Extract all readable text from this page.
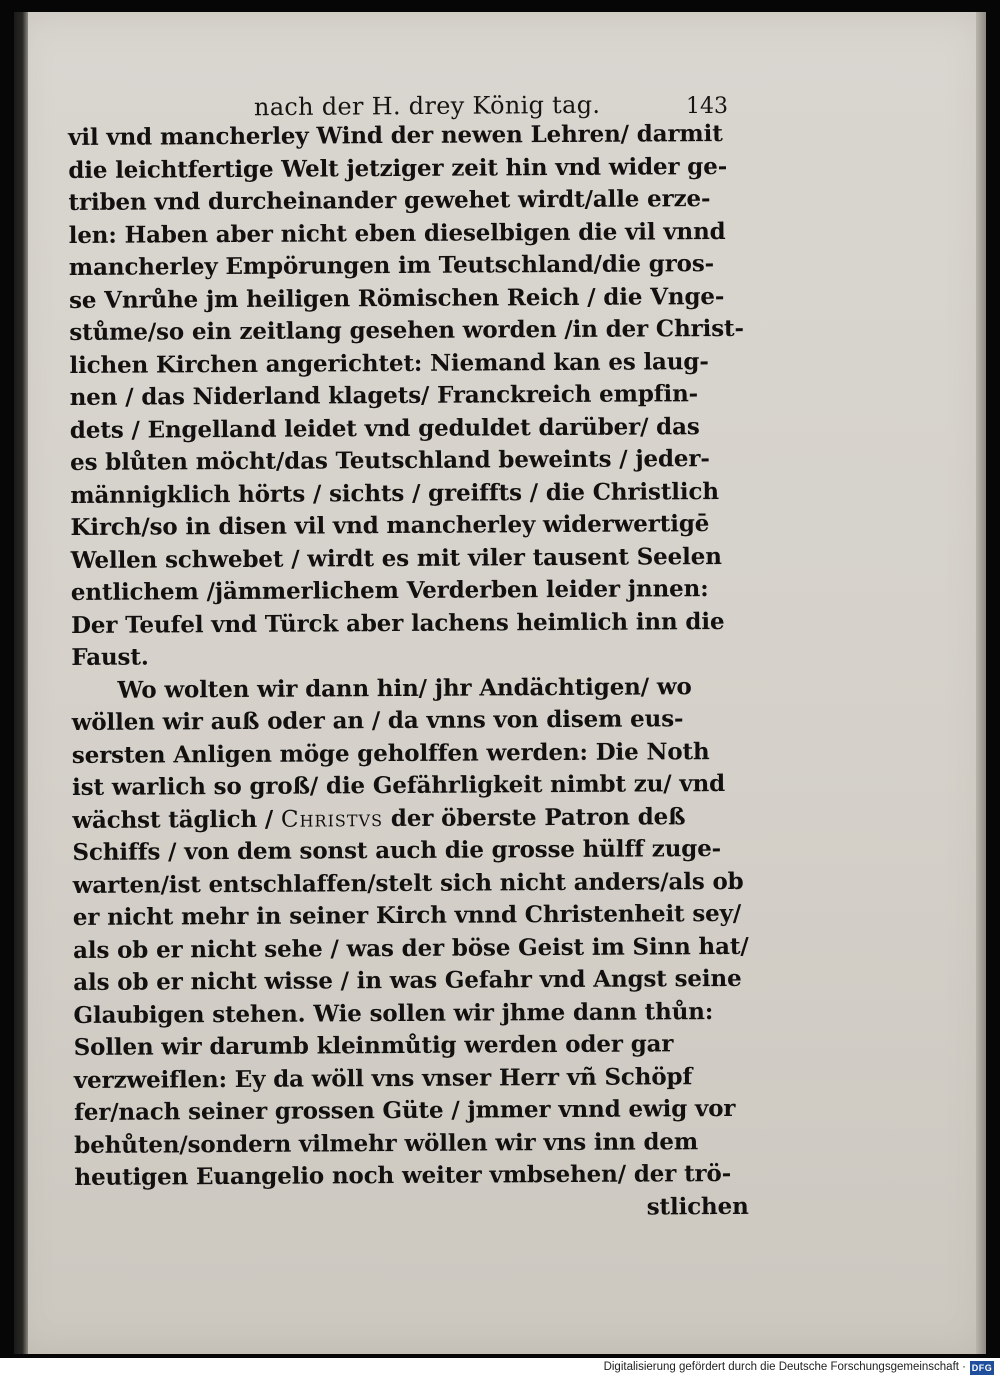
nach der H. drey König tag.	143
vil vnd mancherley Wind der newen Lehren/ darmit
die leichtfertige Welt jetziger zeit hin vnd wider ge-
triben vnd durcheinander gewehet wirdt/alle erze-
len: Haben aber nicht eben dieselbigen die vil vnnd
mancherley Empörungen im Teutschland/die gros-
se Vnrůhe jm heiligen Römischen Reich / die Vnge-
stůme/so ein zeitlang gesehen worden /in der Christ-
lichen Kirchen angerichtet: Niemand kan es laug-
nen / das Niderland klagets/ Franckreich empfin-
dets / Engelland leidet vnd geduldet darüber/ das
es blůten möcht/das Teutschland beweints / jeder-
männigklich hörts / sichts / greiffts / die Christlich
Kirch/so in disen vil vnd mancherley widerwertigē
Wellen schwebet / wirdt es mit viler tausent Seelen
entlichem /jämmerlichem Verderben leider jnnen:
Der Teufel vnd Türck aber lachens heimlich inn die
Faust.
Wo wolten wir dann hin/ jhr Andächtigen/ wo
wöllen wir auß oder an / da vnns von disem eus-
sersten Anligen möge geholffen werden: Die Noth
ist warlich so groß/ die Gefährligkeit nimbt zu/ vnd
wächst täglich / Christvs der öberste Patron deß
Schiffs / von dem sonst auch die grosse hülff zuge-
warten/ist entschlaffen/stelt sich nicht anders/als ob
er nicht mehr in seiner Kirch vnnd Christenheit sey/
als ob er nicht sehe / was der böse Geist im Sinn hat/
als ob er nicht wisse / in was Gefahr vnd Angst seine
Glaubigen stehen. Wie sollen wir jhme dann thůn:
Sollen wir darumb kleinmůtig werden oder gar
verzweiflen: Ey da wöll vns vnser Herr vñ Schöpf
fer/nach seiner grossen Güte / jmmer vnnd ewig vor
behůten/sondern vilmehr wöllen wir vns inn dem
heutigen Euangelio noch weiter vmbsehen/ der trö-
stlichen
Digitalisierung gefördert durch die Deutsche Forschungsgemeinschaft · DFG
